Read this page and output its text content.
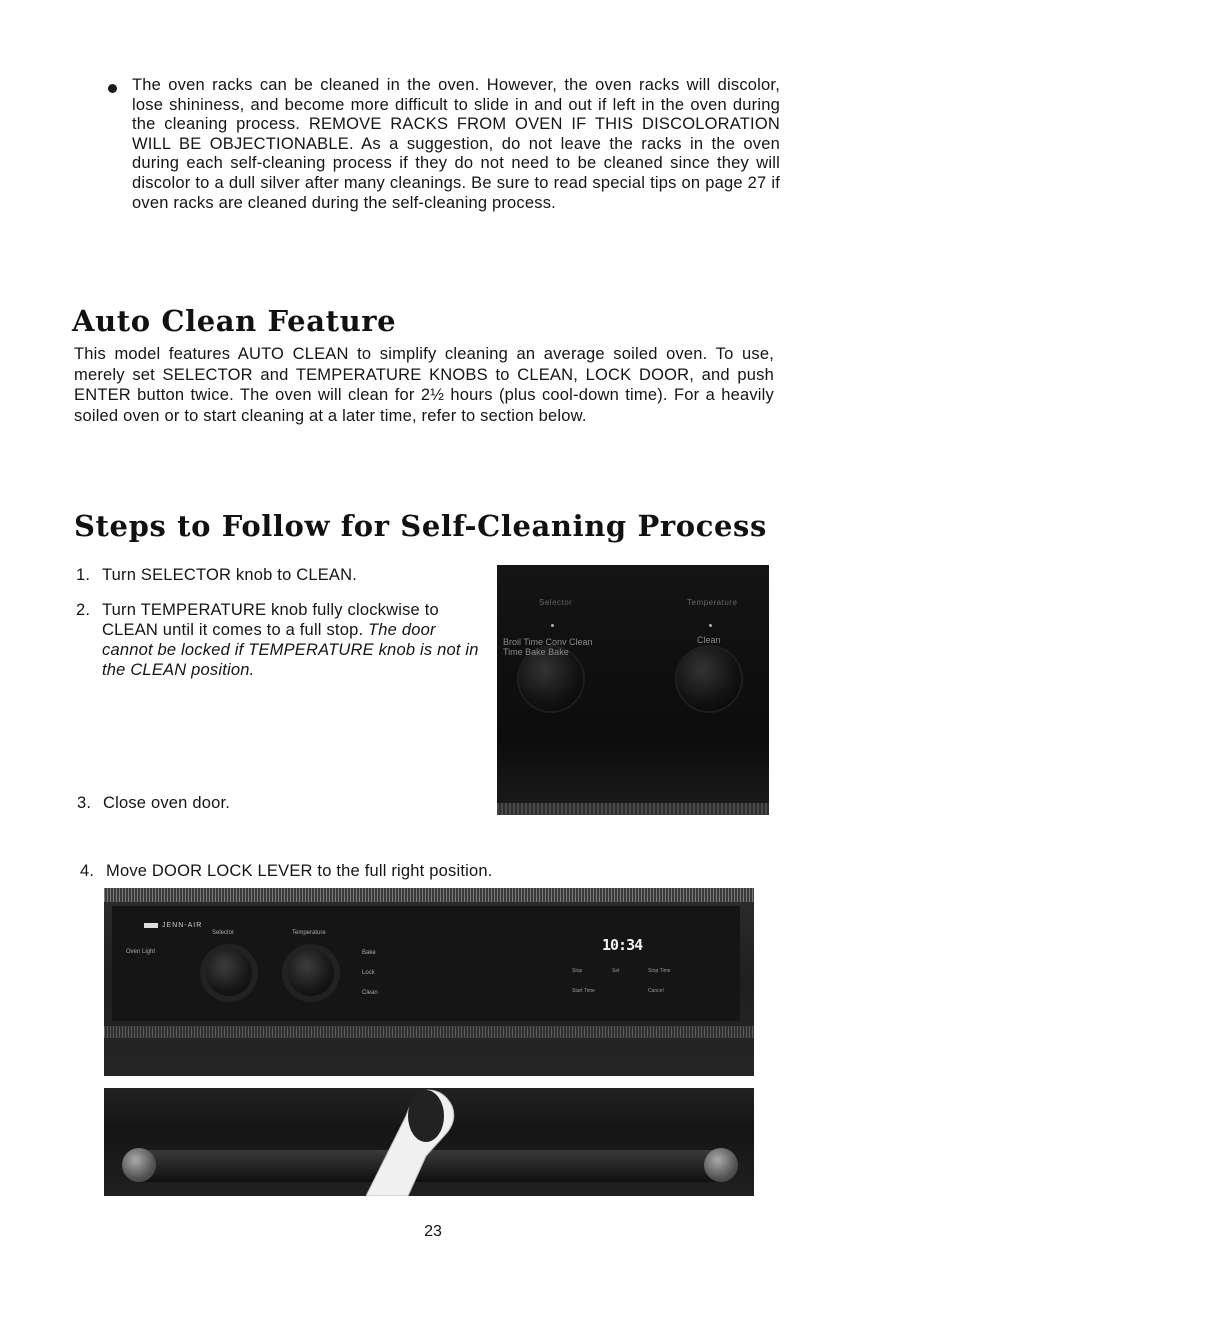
The oven racks can be cleaned in the oven. However, the oven racks will discolor, lose shininess, and become more difficult to slide in and out if left in the oven during the cleaning process. REMOVE RACKS FROM OVEN IF THIS DISCOLORATION WILL BE OBJECTIONABLE. As a suggestion, do not leave the racks in the oven during each self-cleaning process if they do not need to be cleaned since they will discolor to a dull silver after many cleanings. Be sure to read special tips on page 27 if oven racks are cleaned during the self-cleaning process.
Auto Clean Feature
This model features AUTO CLEAN to simplify cleaning an average soiled oven. To use, merely set SELECTOR and TEMPERATURE KNOBS to CLEAN, LOCK DOOR, and push ENTER button twice. The oven will clean for 2½ hours (plus cool-down time). For a heavily soiled oven or to start cleaning at a later time, refer to section below.
Steps to Follow for Self-Cleaning Process
1. Turn SELECTOR knob to CLEAN.
2. Turn TEMPERATURE knob fully clockwise to CLEAN until it comes to a full stop. The door cannot be locked if TEMPERATURE knob is not in the CLEAN position.
3. Close oven door.
4. Move DOOR LOCK LEVER to the full right position.
Selector	Temperature
Broil Time Conv Clean Time Bake Bake
Clean
JENN-AIR
Oven Light
Selector	Temperature
Bake
Lock
Clean
10:34
Stop	Set	Stop Time
Start Time	Cancel
23
